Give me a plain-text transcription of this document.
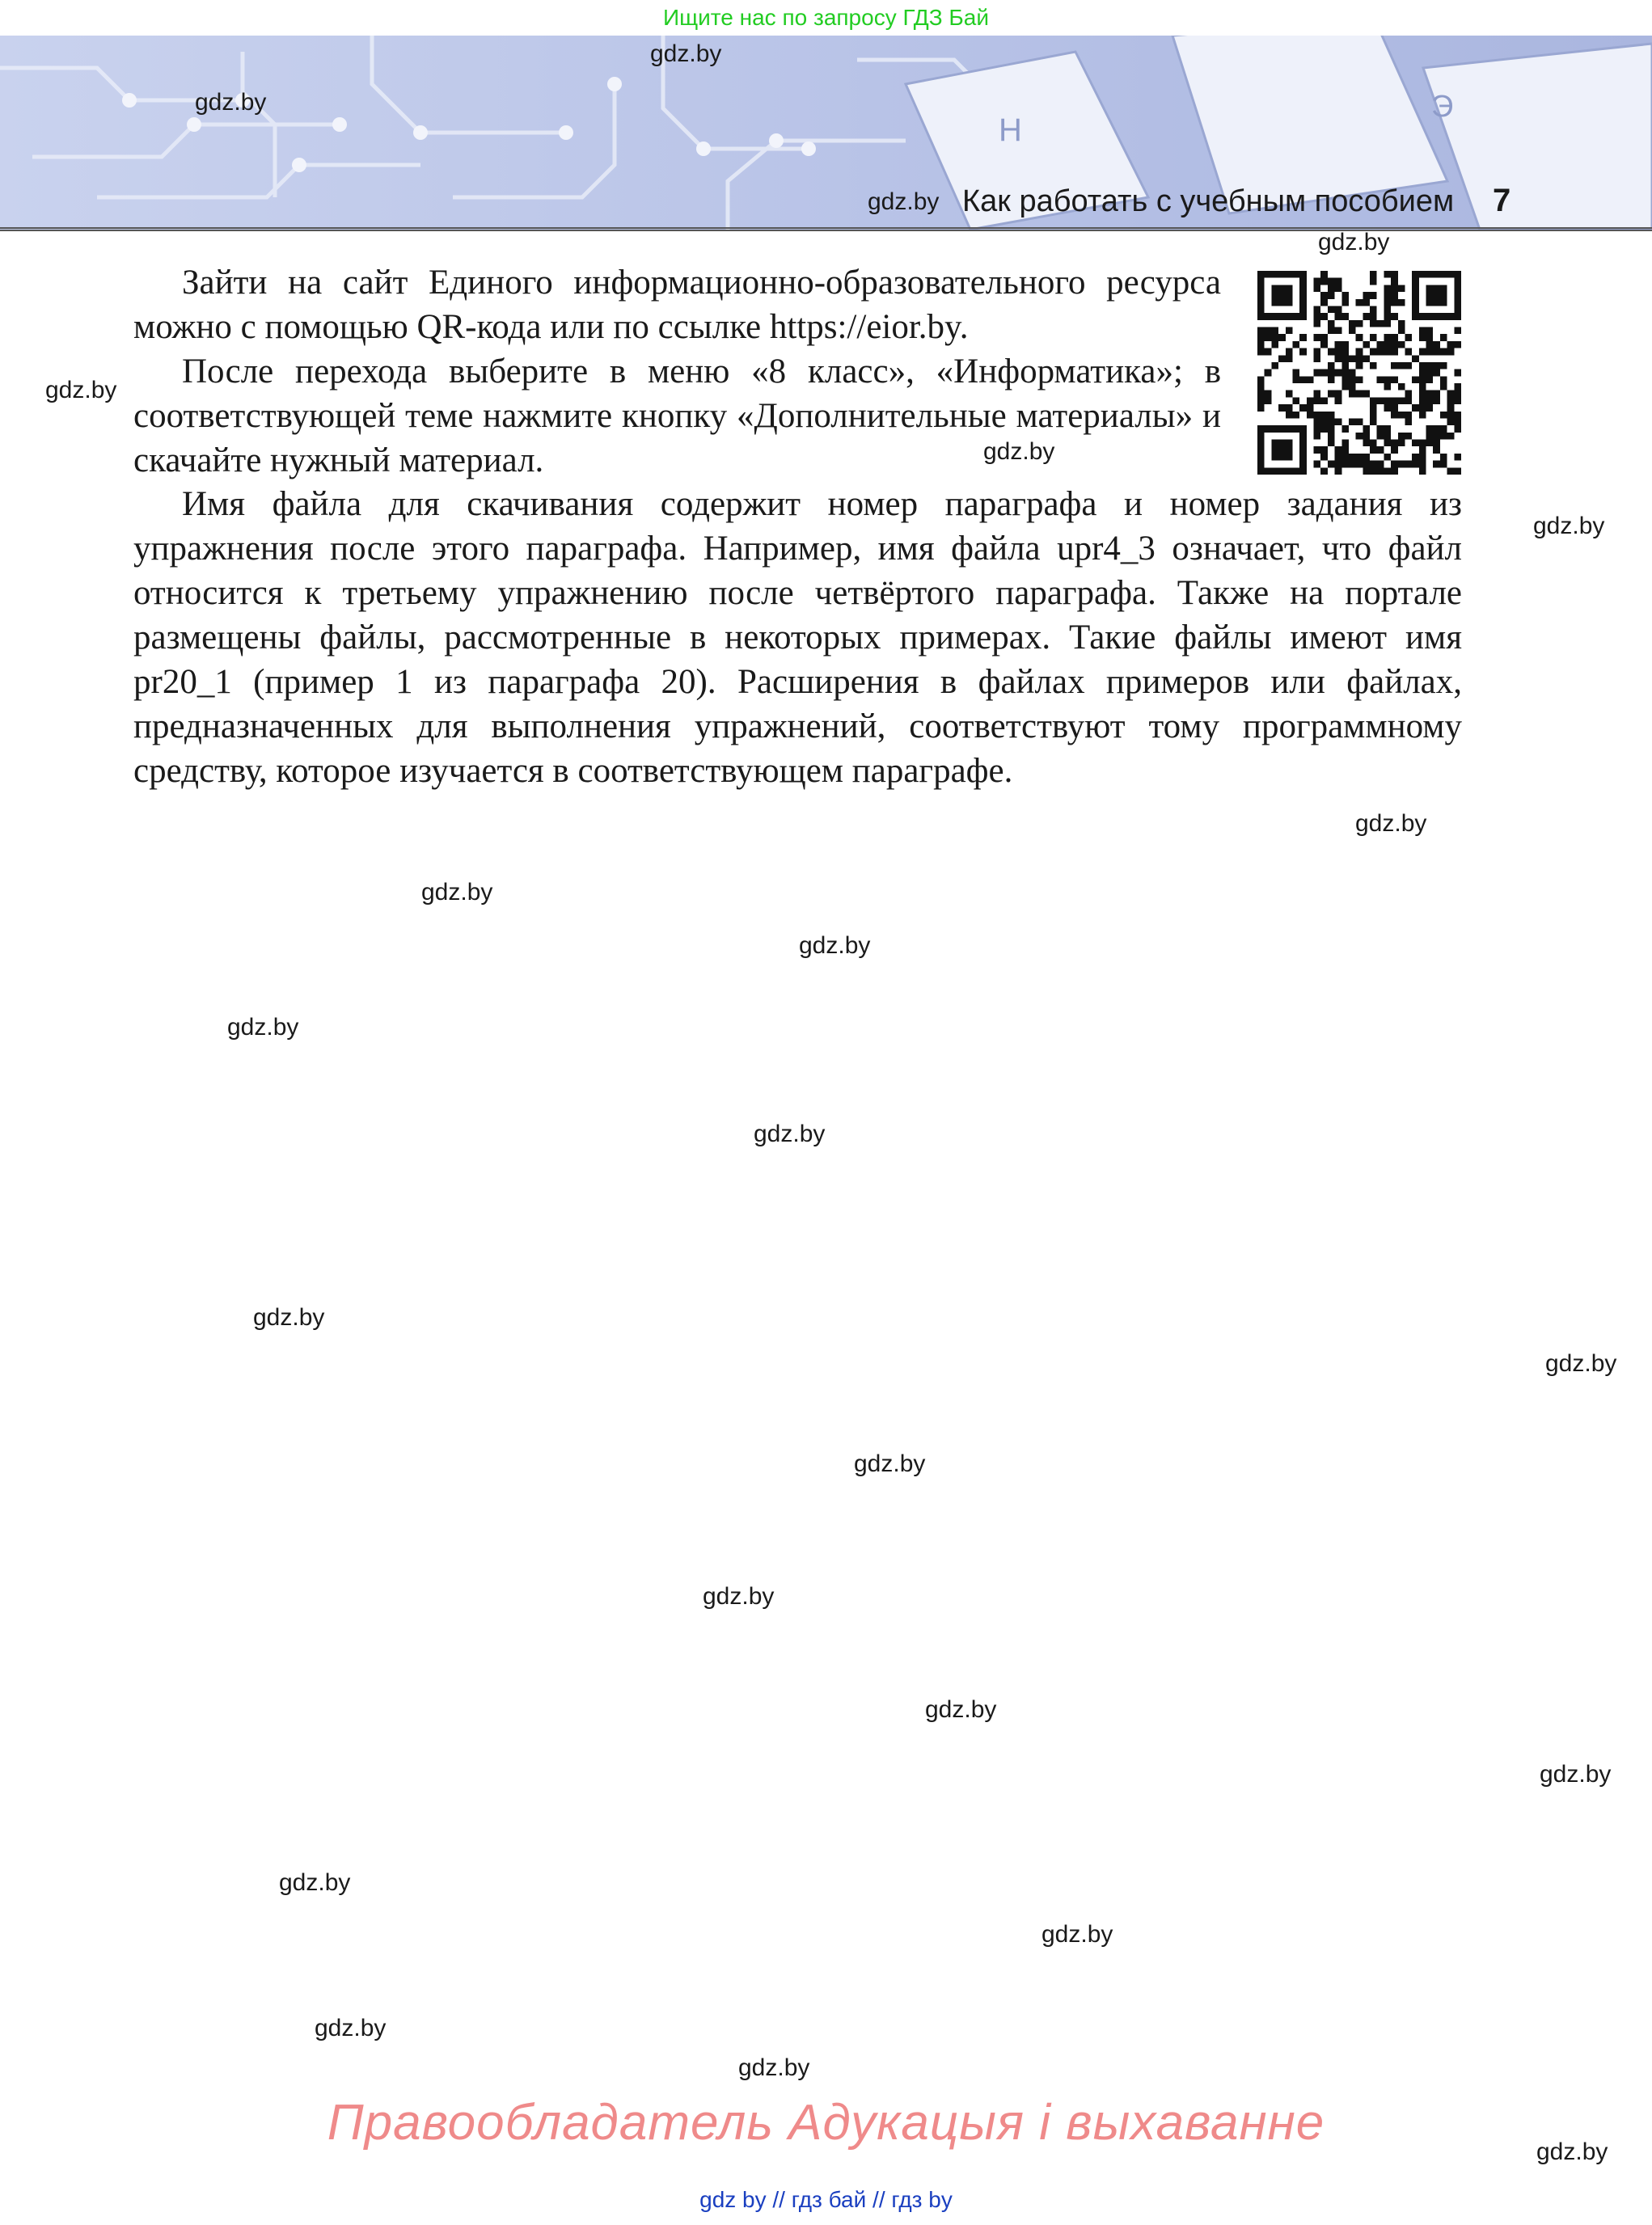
Ищите нас по запросу ГДЗ Бай
H
Э
Как работать с учебным пособием 7

Зайти на сайт Единого информационно-образовательного ресурса можно с помощью QR-кода или по ссылке https://eior.by.

После перехода выберите в меню «8 класс», «Информатика»; в соответствующей теме нажмите кнопку «Дополнительные материалы» и скачайте нужный материал.

Имя файла для скачивания содержит номер параграфа и номер задания из упражнения после этого параграфа. Например, имя файла upr4_3 означает, что файл относится к третьему упражнению после четвёртого параграфа. Также на портале размещены файлы, рассмотренные в некоторых примерах. Такие файлы имеют имя pr20_1 (пример 1 из параграфа 20). Расширения в файлах примеров или файлах, предназначенных для выполнения упражнений, соответствуют тому программному средству, которое изучается в соответствующем параграфе.

gdz.by
gdz.by
gdz.by
gdz.by
gdz.by
gdz.by
gdz.by
gdz.by
gdz.by
gdz.by
gdz.by
gdz.by
gdz.by
gdz.by
gdz.by
gdz.by
gdz.by
gdz.by
gdz.by
gdz.by
gdz.by
gdz.by
gdz.by
Правообладатель Адукацыя і выхаванне
gdz by // гдз бай // гдз by
